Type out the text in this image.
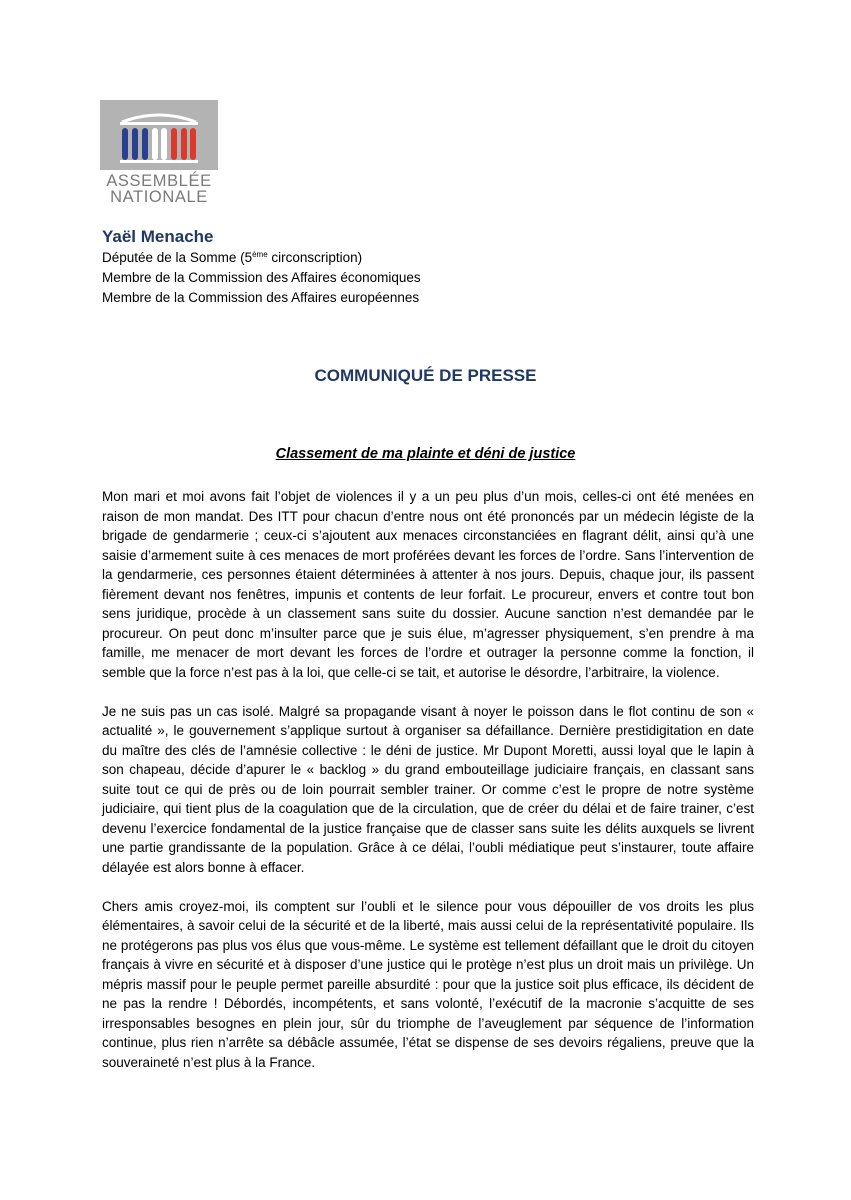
ASSEMBLÉE
NATIONALE
Yaël Menache
Députée de la Somme (5ème circonscription)
Membre de la Commission des Affaires économiques
Membre de la Commission des Affaires européennes
COMMUNIQUÉ DE PRESSE
Classement de ma plainte et déni de justice

Mon mari et moi avons fait l’objet de violences il y a un peu plus d’un mois, celles-ci ont été menées en raison de mon mandat. Des ITT pour chacun d’entre nous ont été prononcés par un médecin légiste de la brigade de gendarmerie ; ceux-ci s’ajoutent aux menaces circonstanciées en flagrant délit, ainsi qu’à une saisie d’armement suite à ces menaces de mort proférées devant les forces de l’ordre. Sans l’intervention de la gendarmerie, ces personnes étaient déterminées à attenter à nos jours. Depuis, chaque jour, ils passent fièrement devant nos fenêtres, impunis et contents de leur forfait. Le procureur, envers et contre tout bon sens juridique, procède à un classement sans suite du dossier. Aucune sanction n’est demandée par le procureur. On peut donc m’insulter parce que je suis élue, m’agresser physiquement, s’en prendre à ma famille, me menacer de mort devant les forces de l’ordre et outrager la personne comme la fonction, il semble que la force n’est pas à la loi, que celle-ci se tait, et autorise le désordre, l’arbitraire, la violence.

Je ne suis pas un cas isolé. Malgré sa propagande visant à noyer le poisson dans le flot continu de son « actualité », le gouvernement s’applique surtout à organiser sa défaillance. Dernière prestidigitation en date du maître des clés de l’amnésie collective : le déni de justice. Mr Dupont Moretti, aussi loyal que le lapin à son chapeau, décide d’apurer le « backlog » du grand embouteillage judiciaire français, en classant sans suite tout ce qui de près ou de loin pourrait sembler trainer. Or comme c’est le propre de notre système judiciaire, qui tient plus de la coagulation que de la circulation, que de créer du délai et de faire trainer, c’est devenu l’exercice fondamental de la justice française que de classer sans suite les délits auxquels se livrent une partie grandissante de la population. Grâce à ce délai, l’oubli médiatique peut s’instaurer, toute affaire délayée est alors bonne à effacer.

Chers amis croyez-moi, ils comptent sur l’oubli et le silence pour vous dépouiller de vos droits les plus élémentaires, à savoir celui de la sécurité et de la liberté, mais aussi celui de la représentativité populaire. Ils ne protégerons pas plus vos élus que vous-même. Le système est tellement défaillant que le droit du citoyen français à vivre en sécurité et à disposer d’une justice qui le protège n’est plus un droit mais un privilège. Un mépris massif pour le peuple permet pareille absurdité : pour que la justice soit plus efficace, ils décident de ne pas la rendre ! Débordés, incompétents, et sans volonté, l’exécutif de la macronie s’acquitte de ses irresponsables besognes en plein jour, sûr du triomphe de l’aveuglement par séquence de l’information continue, plus rien n’arrête sa débâcle assumée, l’état se dispense de ses devoirs régaliens, preuve que la souveraineté n’est plus à la France.
